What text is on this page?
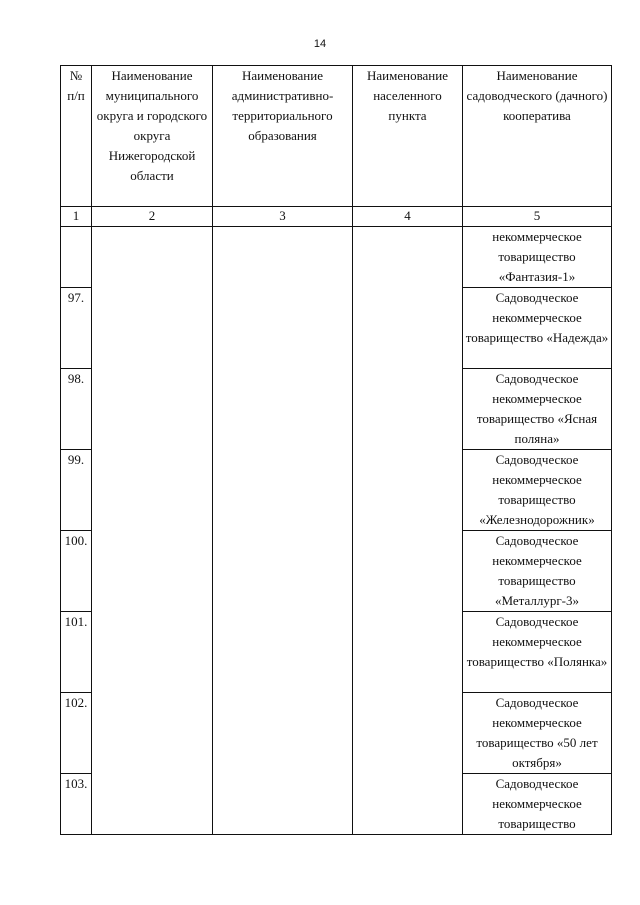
14
№ п/п	Наименование муниципального округа и городского округа Нижегородской области	Наименование административно-территориального образования	Наименование населенного пункта	Наименование садоводческого (дачного) кооператива
1	2	3	4	5
				некоммерческое товарищество «Фантазия-1»
97.				Садоводческое некоммерческое товарищество «Надежда»
98.				Садоводческое некоммерческое товарищество «Ясная поляна»
99.				Садоводческое некоммерческое товарищество «Железнодорожник»
100.				Садоводческое некоммерческое товарищество «Металлург-3»
101.				Садоводческое некоммерческое товарищество «Полянка»
102.				Садоводческое некоммерческое товарищество «50 лет октября»
103.				Садоводческое некоммерческое товарищество
